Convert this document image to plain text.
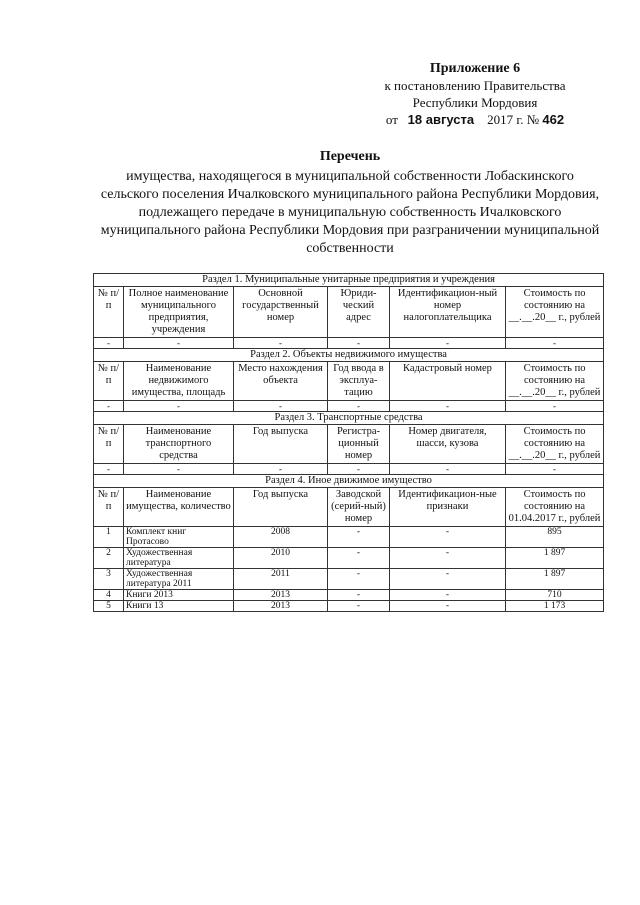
Приложение 6
к постановлению Правительства
Республики Мордовия
от 18 августа 2017 г. № 462
Перечень
имущества, находящегося в муниципальной собственности Лобаскинского сельского поселения Ичалковского муниципального района Республики Мордовия, подлежащего передаче в муниципальную собственность Ичалковского муниципального района Республики Мордовия при разграничении муниципальной собственности
Раздел 1. Муниципальные унитарные предприятия и учреждения					
№ п/п	Полное наименование муниципального предприятия, учреждения	Основной государственный номер	Юриди-ческий адрес	Идентификацион-ный номер налогоплательщика	Стоимость по состоянию на __.__.20__ г., рублей
-	-	-	-	-	-
Раздел 2. Объекты недвижимого имущества					
№ п/п	Наименование недвижимого имущества, площадь	Место нахождения объекта	Год ввода в эксплуа-тацию	Кадастровый номер	Стоимость по состоянию на __.__.20__ г., рублей
-	-	-	-	-	-
Раздел 3. Транспортные средства					
№ п/п	Наименование транспортного средства	Год выпуска	Регистра-ционный номер	Номер двигателя, шасси, кузова	Стоимость по состоянию на __.__.20__ г., рублей
-	-	-	-	-	-
Раздел 4. Иное движимое имущество					
№ п/п	Наименование имущества, количество	Год выпуска	Заводской (серий-ный) номер	Идентификацион-ные признаки	Стоимость по состоянию на 01.04.2017 г., рублей
1	Комплект книг Протасово	2008	-	-	895
2	Художественная литература	2010	-	-	1 897
3	Художественная литература 2011	2011	-	-	1 897
4	Книги 2013	2013	-	-	710
5	Книги 13	2013	-	-	1 173
